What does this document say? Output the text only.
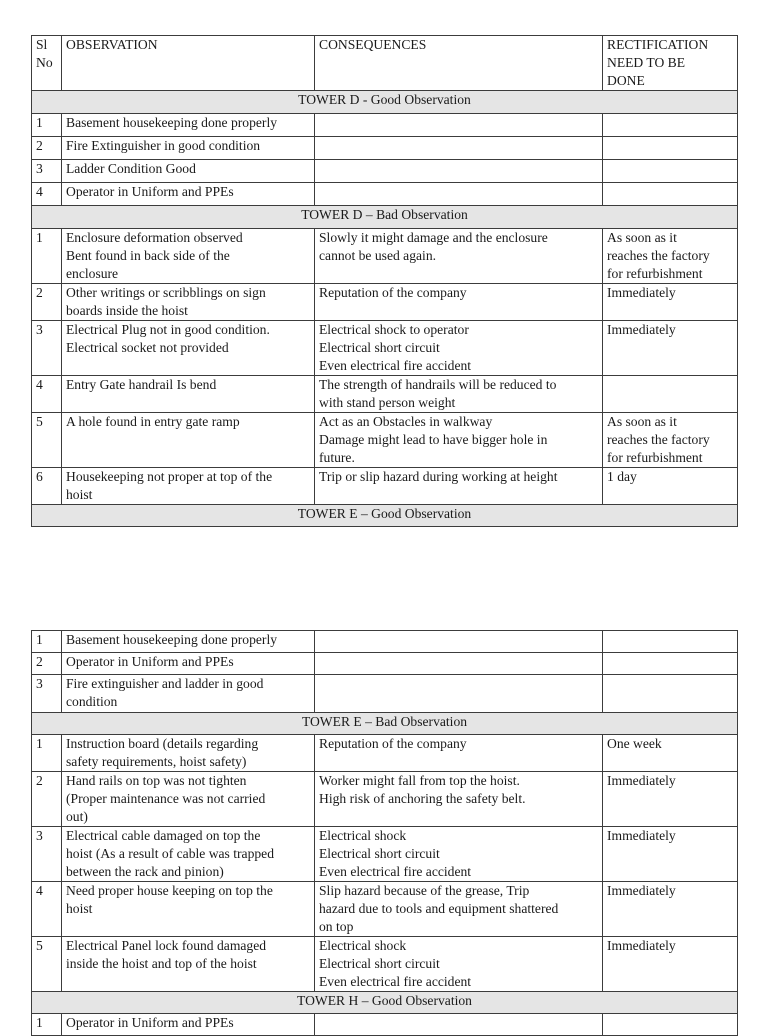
Sl
No	OBSERVATION	CONSEQUENCES	RECTIFICATION
NEED TO BE
DONE
TOWER D - Good Observation			
1	Basement housekeeping done properly		
2	Fire Extinguisher in good condition		
3	Ladder Condition Good		
4	Operator in Uniform and PPEs		
TOWER D – Bad Observation			
1	Enclosure deformation observed
Bent found in back side of the
enclosure	Slowly it might damage and the enclosure
cannot be used again.	As soon as it
reaches the factory
for refurbishment
2	Other writings or scribblings on sign
boards inside the hoist	Reputation of the company	Immediately
3	Electrical Plug not in good condition.
Electrical socket not provided	Electrical shock to operator
Electrical short circuit
Even electrical fire accident	Immediately
4	Entry Gate handrail Is bend	The strength of handrails will be reduced to
with stand person weight	
5	A hole found in entry gate ramp	Act as an Obstacles in walkway
Damage might lead to have bigger hole in
future.	As soon as it
reaches the factory
for refurbishment
6	Housekeeping not proper at top of the
hoist	Trip or slip hazard during working at height	1 day
TOWER E – Good Observation			
1	Basement housekeeping done properly		
2	Operator in Uniform and PPEs		
3	Fire extinguisher and ladder in good
condition		
TOWER E – Bad Observation			
1	Instruction board (details regarding
safety requirements, hoist safety)	Reputation of the company	One week
2	Hand rails on top was not tighten
(Proper maintenance was not carried
out)	Worker might fall from top the hoist.
High risk of anchoring the safety belt.	Immediately
3	Electrical cable damaged on top the
hoist (As a result of cable was trapped
between the rack and pinion)	Electrical shock
Electrical short circuit
Even electrical fire accident	Immediately
4	Need proper house keeping on top the
hoist	Slip hazard because of the grease, Trip
hazard due to tools and equipment shattered
on top	Immediately
5	Electrical Panel lock found damaged
inside the hoist and top of the hoist	Electrical shock
Electrical short circuit
Even electrical fire accident	Immediately
TOWER H – Good Observation			
1	Operator in Uniform and PPEs		
